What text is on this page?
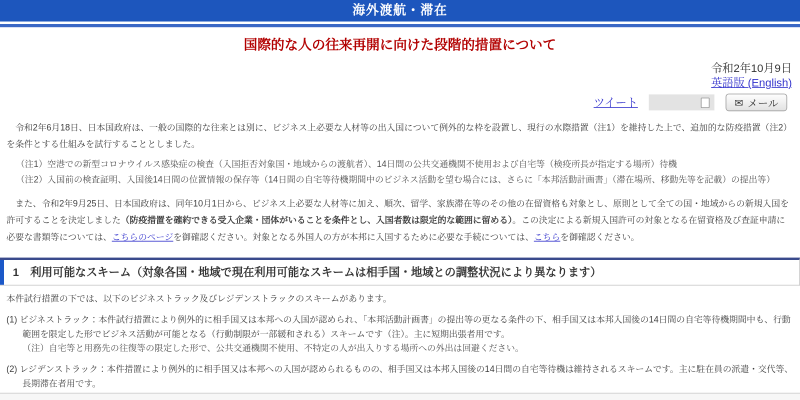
海外渡航・滞在
国際的な人の往来再開に向けた段階的措置について
令和2年10月9日
英語版 (English)
ツイート	✉ メール

令和2年6月18日、日本国政府は、一般の国際的な往来とは別に、ビジネス上必要な人材等の出入国について例外的な枠を設置し、現行の水際措置（注1）を維持した上で、追加的な防疫措置（注2）を条件とする仕組みを試行することとしました。

（注1）空港での新型コロナウイルス感染症の検査（入国拒否対象国・地域からの渡航者）、14日間の公共交通機関不使用および自宅等（検疫所長が指定する場所）待機
（注2）入国前の検査証明、入国後14日間の位置情報の保存等（14日間の自宅等待機期間中のビジネス活動を望む場合には、さらに「本邦活動計画書」（滞在場所、移動先等を記載）の提出等）

また、令和2年9月25日、日本国政府は、同年10月1日から、ビジネス上必要な人材等に加え、順次、留学、家族滞在等のその他の在留資格も対象とし、原則として全ての国・地域からの新規入国を許可することを決定しました（防疫措置を確約できる受入企業・団体がいることを条件とし、入国者数は限定的な範囲に留める）。この決定による新規入国許可の対象となる在留資格及び査証申請に必要な書類等については、こちらのページを御確認ください。対象となる外国人の方が本邦に入国するために必要な手続については、こちらを御確認ください。

1　利用可能なスキーム（対象各国・地域で現在利用可能なスキームは相手国・地域との調整状況により異なります）

本件試行措置の下では、以下のビジネストラック及びレジデンストラックのスキームがあります。

(1) ビジネストラック：本件試行措置により例外的に相手国又は本邦への入国が認められ、「本邦活動計画書」の提出等の更なる条件の下、相手国又は本邦入国後の14日間の自宅等待機期間中も、行動範囲を限定した形でビジネス活動が可能となる（行動制限が一部緩和される）スキームです（注）。主に短期出張者用です。

（注）自宅等と用務先の往復等の限定した形で、公共交通機関不使用、不特定の人が出入りする場所への外出は回避ください。

(2) レジデンストラック：本件措置により例外的に相手国又は本邦への入国が認められるものの、相手国又は本邦入国後の14日間の自宅等待機は維持されるスキームです。主に駐在員の派遣・交代等、長期滞在者用です。
